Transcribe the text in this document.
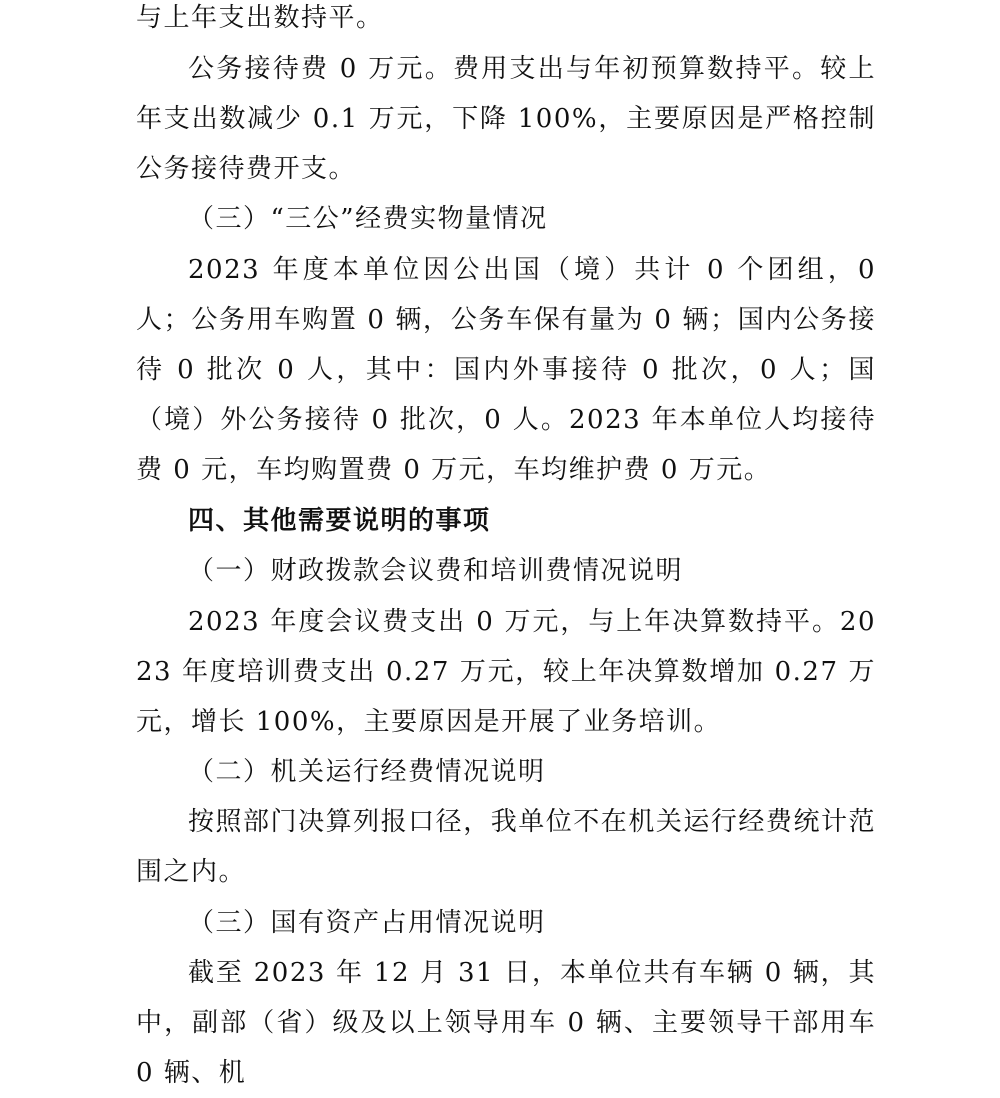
与上年支出数持平。

公务接待费 0 万元。费用支出与年初预算数持平。较上年支出数减少 0.1 万元，下降 100%，主要原因是严格控制公务接待费开支。

（三）“三公”经费实物量情况

2023 年度本单位因公出国（境）共计 0 个团组，0 人；公务用车购置 0 辆，公务车保有量为 0 辆；国内公务接待 0 批次 0 人，其中：国内外事接待 0 批次，0 人；国（境）外公务接待 0 批次，0 人。2023 年本单位人均接待费 0 元，车均购置费 0 万元，车均维护费 0 万元。

四、其他需要说明的事项

（一）财政拨款会议费和培训费情况说明

2023 年度会议费支出 0 万元，与上年决算数持平。2023 年度培训费支出 0.27 万元，较上年决算数增加 0.27 万元，增长 100%，主要原因是开展了业务培训。

（二）机关运行经费情况说明

按照部门决算列报口径，我单位不在机关运行经费统计范围之内。

（三）国有资产占用情况说明

截至 2023 年 12 月 31 日，本单位共有车辆 0 辆，其中，副部（省）级及以上领导用车 0 辆、主要领导干部用车 0 辆、机
